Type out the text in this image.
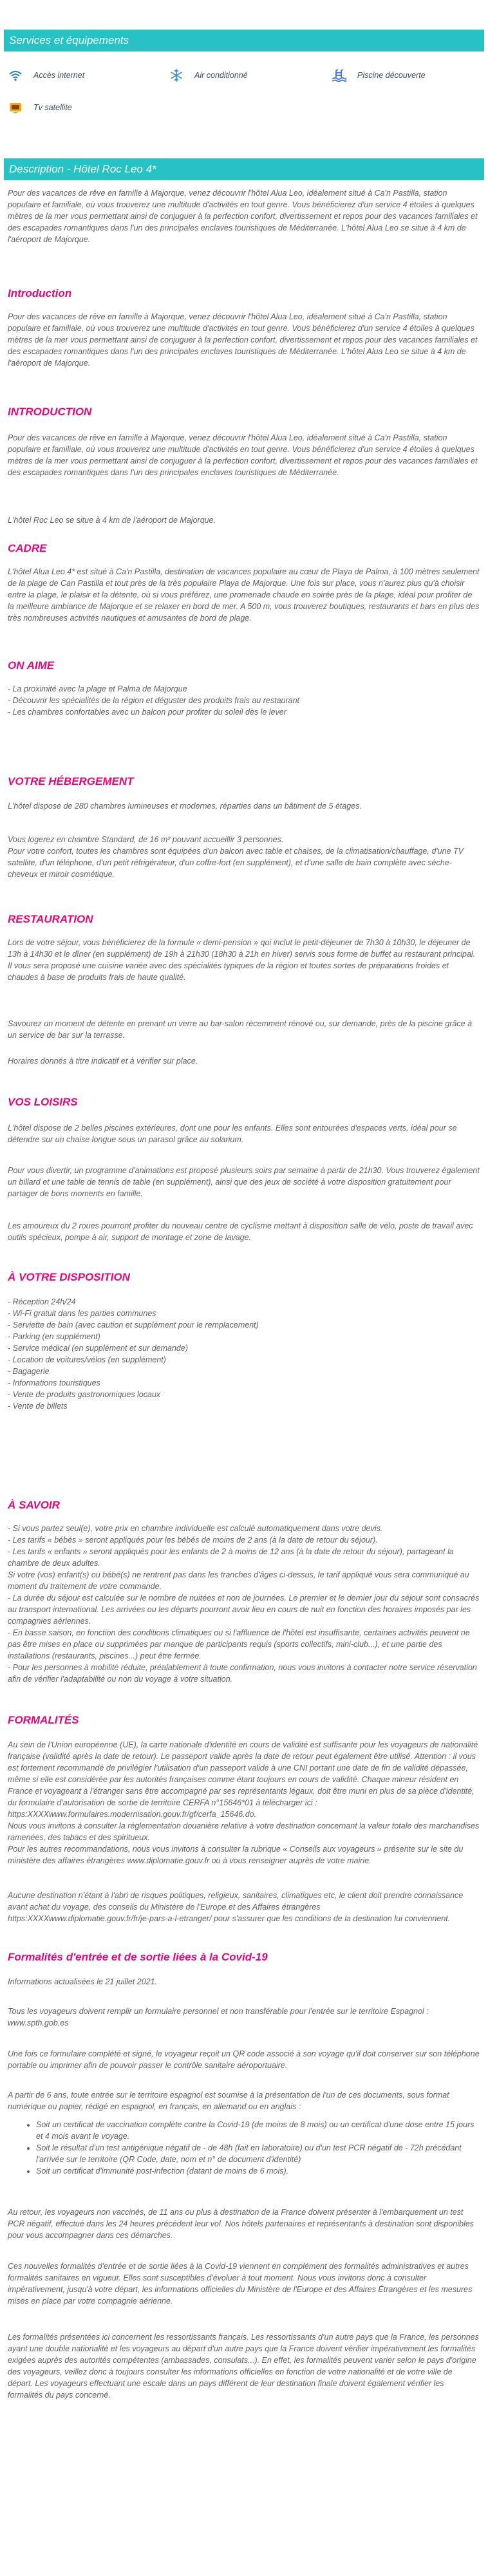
Services et équipements
Accès internet	Air conditionné	Piscine découverte
Tv satellite
Description - Hôtel Roc Leo 4*
Pour des vacances de rêve en famille à Majorque, venez découvrir l'hôtel Alua Leo, idéalement situé à Ca'n Pastilla, station populaire et familiale, où vous trouverez une multitude d'activités en tout genre. Vous bénéficierez d'un service 4 étoiles à quelques mètres de la mer vous permettant ainsi de conjuguer à la perfection confort, divertissement et repos pour des vacances familiales et des escapades romantiques dans l'un des principales enclaves touristiques de Méditerranée. L'hôtel Alua Leo se situe à 4 km de l'aéroport de Majorque.
Introduction
Pour des vacances de rêve en famille à Majorque, venez découvrir l'hôtel Alua Leo, idéalement situé à Ca'n Pastilla, station populaire et familiale, où vous trouverez une multitude d'activités en tout genre. Vous bénéficierez d'un service 4 étoiles à quelques mètres de la mer vous permettant ainsi de conjuguer à la perfection confort, divertissement et repos pour des vacances familiales et des escapades romantiques dans l'un des principales enclaves touristiques de Méditerranée. L'hôtel Alua Leo se situe à 4 km de l'aéroport de Majorque.
INTRODUCTION
Pour des vacances de rêve en famille à Majorque, venez découvrir l'hôtel Alua Leo, idéalement situé à Ca'n Pastilla, station populaire et familiale, où vous trouverez une multitude d'activités en tout genre. Vous bénéficierez d'un service 4 étoiles à quelques mètres de la mer vous permettant ainsi de conjuguer à la perfection confort, divertissement et repos pour des vacances familiales et des escapades romantiques dans l'un des principales enclaves touristiques de Méditerranée.
L'hôtel Roc Leo se situe à 4 km de l'aéroport de Majorque.
CADRE
L'hôtel Alua Leo 4* est situé à Ca'n Pastilla, destination de vacances populaire au cœur de Playa de Palma, à 100 mètres seulement de la plage de Can Pastilla et tout près de la très populaire Playa de Majorque. Une fois sur place, vous n'aurez plus qu'à choisir entre la plage, le plaisir et la détente, où si vous préférez, une promenade chaude en soirée près de la plage, idéal pour profiter de la meilleure ambiance de Majorque et se relaxer en bord de mer. A 500 m, vous trouverez boutiques, restaurants et bars en plus des très nombreuses activités nautiques et amusantes de bord de plage.
ON AIME
- La proximité avec la plage et Palma de Majorque
- Découvrir les spécialités de la région et déguster des produits frais au restaurant
- Les chambres confortables avec un balcon pour profiter du soleil dès le lever
VOTRE HÉBERGEMENT
L'hôtel dispose de 280 chambres lumineuses et modernes, réparties dans un bâtiment de 5 étages.
Vous logerez en chambre Standard, de 16 m² pouvant accueillir 3 personnes.
Pour votre confort, toutes les chambres sont équipées d'un balcon avec table et chaises, de la climatisation/chauffage, d'une TV satellite, d'un téléphone, d'un petit réfrigérateur, d'un coffre-fort (en supplément), et d'une salle de bain complète avec sèche-cheveux et miroir cosmétique.
RESTAURATION
Lors de votre séjour, vous bénéficierez de la formule « demi-pension » qui inclut le petit-déjeuner de 7h30 à 10h30, le déjeuner de 13h à 14h30 et le dîner (en supplément) de 19h à 21h30 (18h30 à 21h en hiver) servis sous forme de buffet au restaurant principal. Il vous sera proposé une cuisine variée avec des spécialités typiques de la région et toutes sortes de préparations froides et chaudes à base de produits frais de haute qualité.
Savourez un moment de détente en prenant un verre au bar-salon récemment rénové ou, sur demande, près de la piscine grâce à un service de bar sur la terrasse.
Horaires donnés à titre indicatif et à vérifier sur place.
VOS LOISIRS
L'hôtel dispose de 2 belles piscines extérieures, dont une pour les enfants. Elles sont entourées d'espaces verts, idéal pour se détendre sur un chaise longue sous un parasol grâce au solarium.
Pour vous divertir, un programme d'animations est proposé plusieurs soirs par semaine à partir de 21h30. Vous trouverez également un billard et une table de tennis de table (en supplément), ainsi que des jeux de société à votre disposition gratuitement pour partager de bons moments en famille.
Les amoureux du 2 roues pourront profiter du nouveau centre de cyclisme mettant à disposition salle de vélo, poste de travail avec outils spécieux, pompe à air, support de montage et zone de lavage.
À VOTRE DISPOSITION
- Réception 24h/24
- Wi-Fi gratuit dans les parties communes
- Serviette de bain (avec caution et supplément pour le remplacement)
- Parking (en supplément)
- Service médical (en supplément et sur demande)
- Location de voitures/vélos (en supplément)
- Bagagerie
- Informations touristiques
- Vente de produits gastronomiques locaux
- Vente de billets
À SAVOIR
- Si vous partez seul(e), votre prix en chambre individuelle est calculé automatiquement dans votre devis.
- Les tarifs « bébés » seront appliqués pour les bébés de moins de 2 ans (à la date de retour du séjour).
- Les tarifs « enfants » seront appliqués pour les enfants de 2 à moins de 12 ans (à la date de retour du séjour), partageant la chambre de deux adultes.
Si votre (vos) enfant(s) ou bébé(s) ne rentrent pas dans les tranches d'âges ci-dessus, le tarif appliqué vous sera communiqué au moment du traitement de votre commande.
- La durée du séjour est calculée sur le nombre de nuitées et non de journées. Le premier et le dernier jour du séjour sont consacrés au transport international. Les arrivées ou les départs pourront avoir lieu en cours de nuit en fonction des horaires imposés par les compagnies aériennes.
- En basse saison, en fonction des conditions climatiques ou si l'affluence de l'hôtel est insuffisante, certaines activités peuvent ne pas être mises en place ou supprimées par manque de participants requis (sports collectifs, mini-club...), et une partie des installations (restaurants, piscines...) peut être fermée.
- Pour les personnes à mobilité réduite, préalablement à toute confirmation, nous vous invitons à contacter notre service réservation afin de vérifier l'adaptabilité ou non du voyage à votre situation.
FORMALITÉS
Au sein de l'Union européenne (UE), la carte nationale d'identité en cours de validité est suffisante pour les voyageurs de nationalité française (validité après la date de retour). Le passeport valide après la date de retour peut également être utilisé. Attention : il vous est fortement recommandé de privilégier l'utilisation d'un passeport valide à une CNI portant une date de fin de validité dépassée, même si elle est considérée par les autorités françaises comme étant toujours en cours de validité. Chaque mineur résident en France et voyageant à l'étranger sans être accompagné par ses représentants légaux, doit être muni en plus de sa pièce d'identité, du formulaire d'autorisation de sortie de territoire CERFA n°15646*01 à télécharger ici :
https:XXXXwww.formulaires.modernisation.gouv.fr/gf/cerfa_15646.do.
Nous vous invitons à consulter la réglementation douanière relative à votre destination concernant la valeur totale des marchandises ramenées, des tabacs et des spiritueux.
Pour les autres recommandations, nous vous invitons à consulter la rubrique « Conseils aux voyageurs » présente sur le site du ministère des affaires étrangères www.diplomatie.gouv.fr ou à vous renseigner auprès de votre mairie.
Aucune destination n'étant à l'abri de risques politiques, religieux, sanitaires, climatiques etc, le client doit prendre connaissance avant achat du voyage, des conseils du Ministère de l'Europe et des Affaires étrangères
https:XXXXwww.diplomatie.gouv.fr/fr/je-pars-a-l-etranger/ pour s'assurer que les conditions de la destination lui conviennent.
Formalités d'entrée et de sortie liées à la Covid-19
Informations actualisées le 21 juillet 2021.
Tous les voyageurs doivent remplir un formulaire personnel et non transférable pour l'entrée sur le territoire Espagnol : www.spth.gob.es
Une fois ce formulaire complété et signé, le voyageur reçoit un QR code associé à son voyage qu'il doit conserver sur son téléphone portable ou imprimer afin de pouvoir passer le contrôle sanitaire aéroportuaire.
A partir de 6 ans, toute entrée sur le territoire espagnol est soumise à la présentation de l'un de ces documents, sous format numérique ou papier, rédigé en espagnol, en français, en allemand ou en anglais :
• Soit un certificat de vaccination complète contre la Covid-19 (de moins de 8 mois) ou un certificat d'une dose entre 15 jours et 4 mois avant le voyage.
• Soit le résultat d'un test antigénique négatif de - de 48h (fait en laboratoire) ou d'un test PCR négatif de - 72h précédant l'arrivée sur le territoire (QR Code, date, nom et n° de document d'identité)
• Soit un certificat d'immunité post-infection (datant de moins de 6 mois).
Au retour, les voyageurs non vaccinés, de 11 ans ou plus à destination de la France doivent présenter à l'embarquement un test PCR négatif, effectué dans les 24 heures précédent leur vol. Nos hôtels partenaires et représentants à destination sont disponibles pour vous accompagner dans ces démarches.
Ces nouvelles formalités d'entrée et de sortie liées à la Covid-19 viennent en complément des formalités administratives et autres formalités sanitaires en vigueur. Elles sont susceptibles d'évoluer à tout moment. Nous vous invitons donc à consulter impérativement, jusqu'à votre départ, les informations officielles du Ministère de l'Europe et des Affaires Étrangères et les mesures mises en place par votre compagnie aérienne.
Les formalités présentées ici concernent les ressortissants français. Les ressortissants d'un autre pays que la France, les personnes ayant une double nationalité et les voyageurs au départ d'un autre pays que la France doivent vérifier impérativement les formalités exigées auprès des autorités compétentes (ambassades, consulats...). En effet, les formalités peuvent varier selon le pays d'origine des voyageurs, veillez donc à toujours consulter les informations officielles en fonction de votre nationalité et de votre ville de départ. Les voyageurs effectuant une escale dans un pays différent de leur destination finale doivent également vérifier les formalités du pays concerné.
